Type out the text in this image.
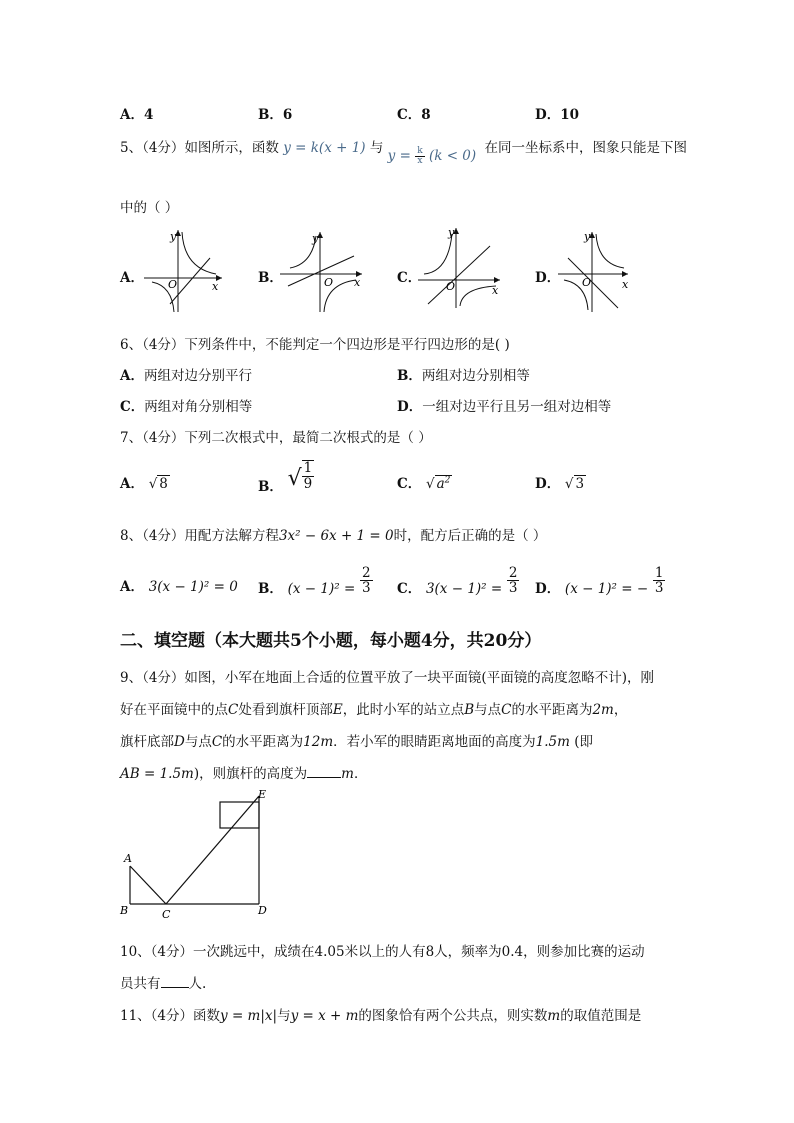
A．4	B．6	C．8	D．10
5、（4分）如图所示，函数 y = k(x + 1) 与 $y = \frac{k}{x} (k < 0)$ 在同一坐标系中，图象只能是下图
中的（ ）
A．
y
x
O	B．
y
x
O	C．
y
x
O
D．
y
x
O
6、（4分）下列条件中，不能判定一个四边形是平行四边形的是( )
A．两组对边分别平行	B．两组对边分别相等
C．两组对角分别相等	D．一组对边平行且另一组对边相等
7、（4分）下列二次根式中，最简二次根式的是（ ）
A． √ 8	B． √ $\frac{1}{9}$	C． √ $a^2$	D． √ 3
8、（4分）用配方法解方程3x² − 6x + 1 = 0时，配方后正确的是（ ）
A． 3(x − 1)² = 0 B． $(x - 1)^2 = \frac{2}{3}$ C． $3(x - 1)^2 = \frac{2}{3}$ D． (x − 1)² = − $\frac{1}{3}$
二、填空题（本大题共5个小题，每小题4分，共20分）
9、（4分）如图，小军在地面上合适的位置平放了一块平面镜(平面镜的高度忽略不计)，刚
好在平面镜中的点C处看到旗杆顶部E，此时小军的站立点B与点C的水平距离为2m，
旗杆底部D与点C的水平距离为12m．若小军的眼睛距离地面的高度为1.5m (即
AB = 1.5m)，则旗杆的高度为	m．
E
A
B	C	D
10、（4分）一次跳远中，成绩在4.05米以上的人有8人，频率为0.4，则参加比赛的运动
员共有 人.
11、（4分）函数y = m|x|与y = x + m的图象恰有两个公共点，则实数m的取值范围是
